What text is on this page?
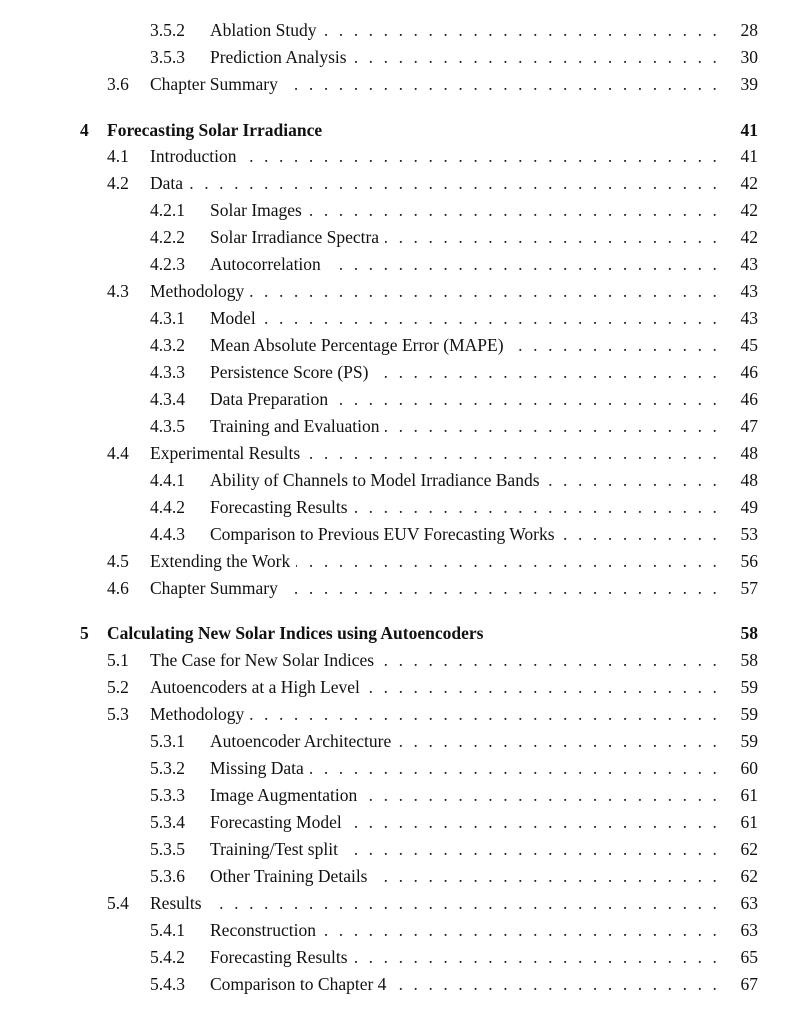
3.5.2 Ablation Study . . .	28
3.5.3 Prediction Analysis . . .	30
3.6 Chapter Summary . . .	39
4 Forecasting Solar Irradiance	41
4.1 Introduction . . .	41
4.2 Data . . .	42
4.2.1 Solar Images . . .	42
4.2.2 Solar Irradiance Spectra . . .	42
4.2.3 Autocorrelation . . .	43
4.3 Methodology . . .	43
4.3.1 Model . . .	43
4.3.2 Mean Absolute Percentage Error (MAPE) . . .	45
4.3.3 Persistence Score (PS) . . .	46
4.3.4 Data Preparation . . .	46
4.3.5 Training and Evaluation . . .	47
4.4 Experimental Results . . .	48
4.4.1 Ability of Channels to Model Irradiance Bands . . .	48
4.4.2 Forecasting Results . . .	49
4.4.3 Comparison to Previous EUV Forecasting Works . . .	53
4.5 Extending the Work . . .	56
4.6 Chapter Summary . . .	57
5 Calculating New Solar Indices using Autoencoders	58
5.1 The Case for New Solar Indices . . .	58
5.2 Autoencoders at a High Level . . .	59
5.3 Methodology . . .	59
5.3.1 Autoencoder Architecture . . .	59
5.3.2 Missing Data . . .	60
5.3.3 Image Augmentation . . .	61
5.3.4 Forecasting Model . . .	61
5.3.5 Training/Test split . . .	62
5.3.6 Other Training Details . . .	62
5.4 Results . . .	63
5.4.1 Reconstruction . . .	63
5.4.2 Forecasting Results . . .	65
5.4.3 Comparison to Chapter 4 . . .	67
